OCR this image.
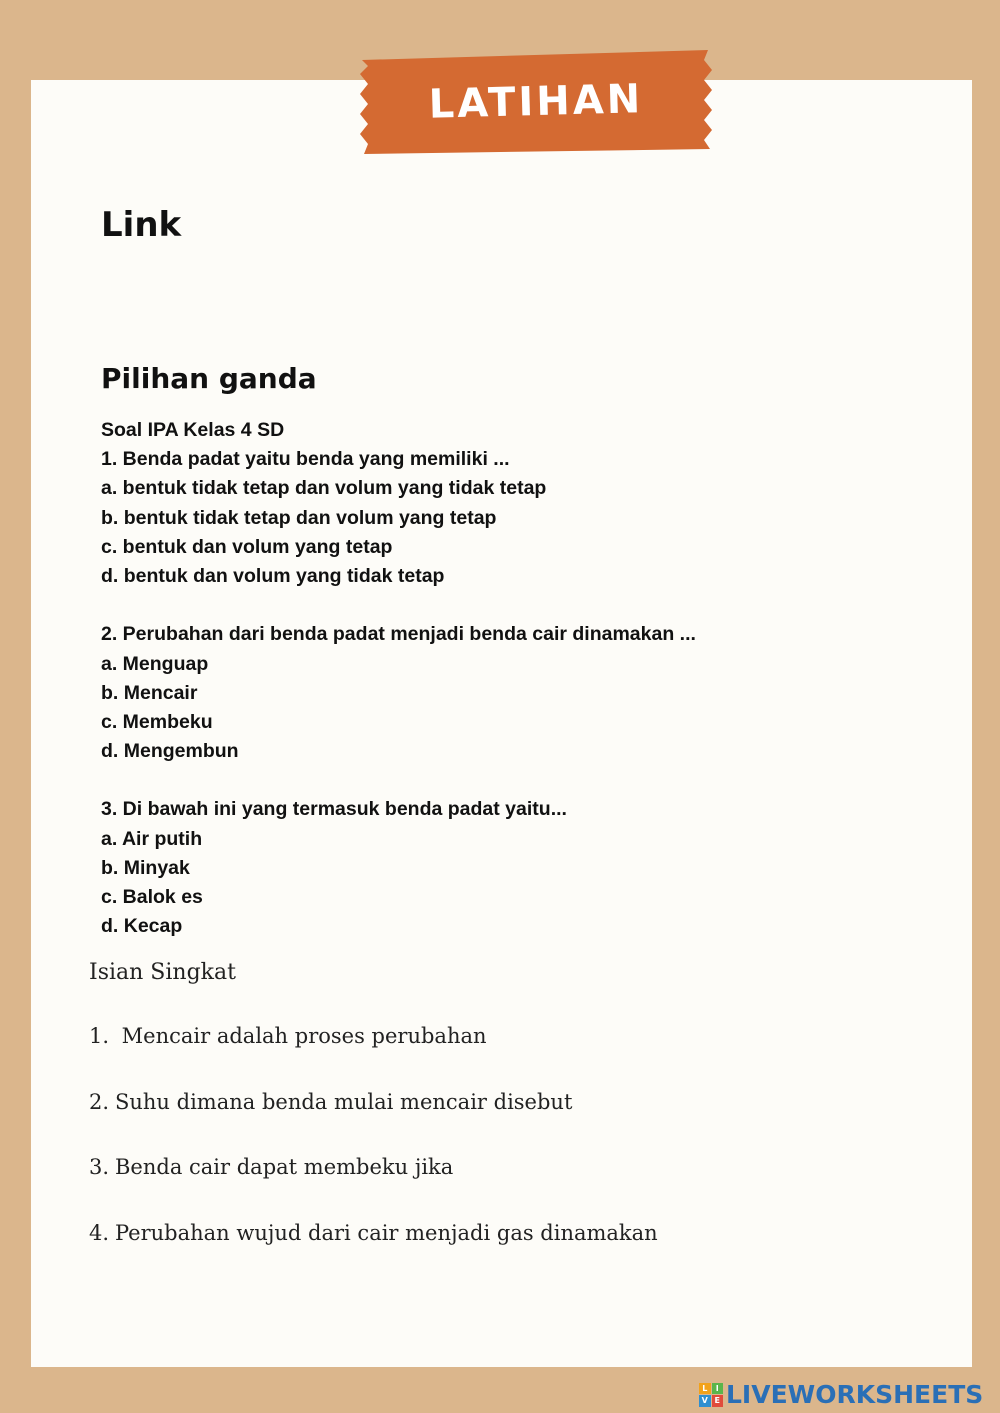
LATIHAN
Link
Pilihan ganda
Soal IPA Kelas 4 SD
1. Benda padat yaitu benda yang memiliki ...
a. bentuk tidak tetap dan volum yang tidak tetap
b. bentuk tidak tetap dan volum yang tetap
c. bentuk dan volum yang tetap
d. bentuk dan volum yang tidak tetap
2. Perubahan dari benda padat menjadi benda cair dinamakan ...
a. Menguap
b. Mencair
c. Membeku
d. Mengembun
3. Di bawah ini yang termasuk benda padat yaitu...
a. Air putih
b. Minyak
c. Balok es
d. Kecap
Isian Singkat
1. Mencair adalah proses perubahan
2. Suhu dimana benda mulai mencair disebut
3. Benda cair dapat membeku jika
4. Perubahan wujud dari cair menjadi gas dinamakan
L	I
V E LIVEWORKSHEETS
